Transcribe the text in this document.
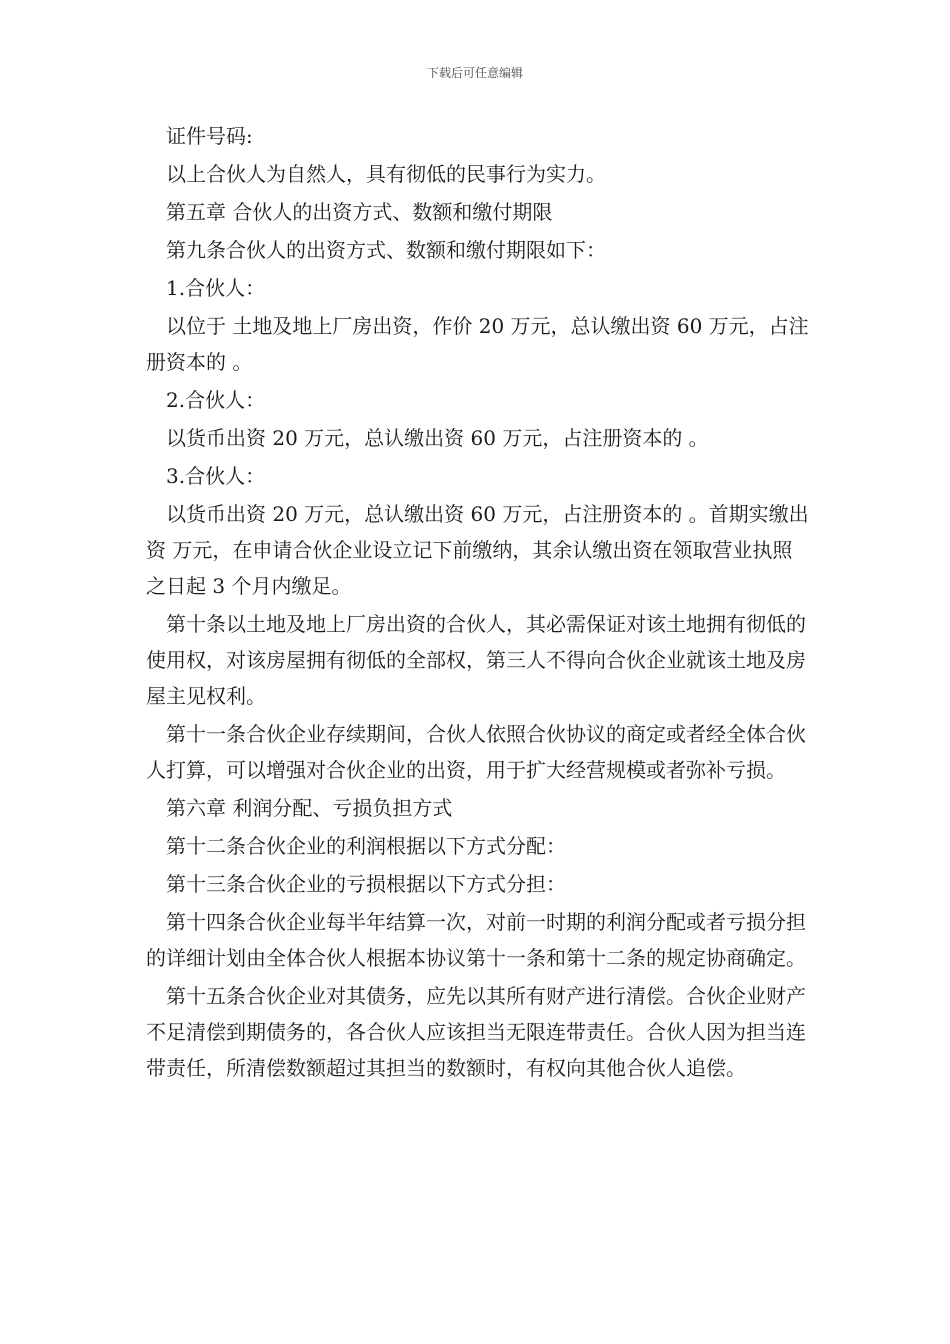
下载后可任意编辑

证件号码:

以上合伙人为自然人，具有彻低的民事行为实力。

第五章 合伙人的出资方式、数额和缴付期限

第九条合伙人的出资方式、数额和缴付期限如下：

1.合伙人：

以位于 土地及地上厂房出资，作价 20 万元，总认缴出资 60 万元，占注册资本的 。

2.合伙人：

以货币出资 20 万元，总认缴出资 60 万元，占注册资本的 。

3.合伙人：

以货币出资 20 万元，总认缴出资 60 万元，占注册资本的 。首期实缴出资 万元，在申请合伙企业设立记下前缴纳，其余认缴出资在领取营业执照之日起 3 个月内缴足。

第十条以土地及地上厂房出资的合伙人，其必需保证对该土地拥有彻低的使用权，对该房屋拥有彻低的全部权，第三人不得向合伙企业就该土地及房屋主见权利。

第十一条合伙企业存续期间，合伙人依照合伙协议的商定或者经全体合伙人打算，可以增强对合伙企业的出资，用于扩大经营规模或者弥补亏损。

第六章 利润分配、亏损负担方式

第十二条合伙企业的利润根据以下方式分配：

第十三条合伙企业的亏损根据以下方式分担：

第十四条合伙企业每半年结算一次，对前一时期的利润分配或者亏损分担的详细计划由全体合伙人根据本协议第十一条和第十二条的规定协商确定。

第十五条合伙企业对其债务，应先以其所有财产进行清偿。合伙企业财产不足清偿到期债务的，各合伙人应该担当无限连带责任。合伙人因为担当连带责任，所清偿数额超过其担当的数额时，有权向其他合伙人追偿。
